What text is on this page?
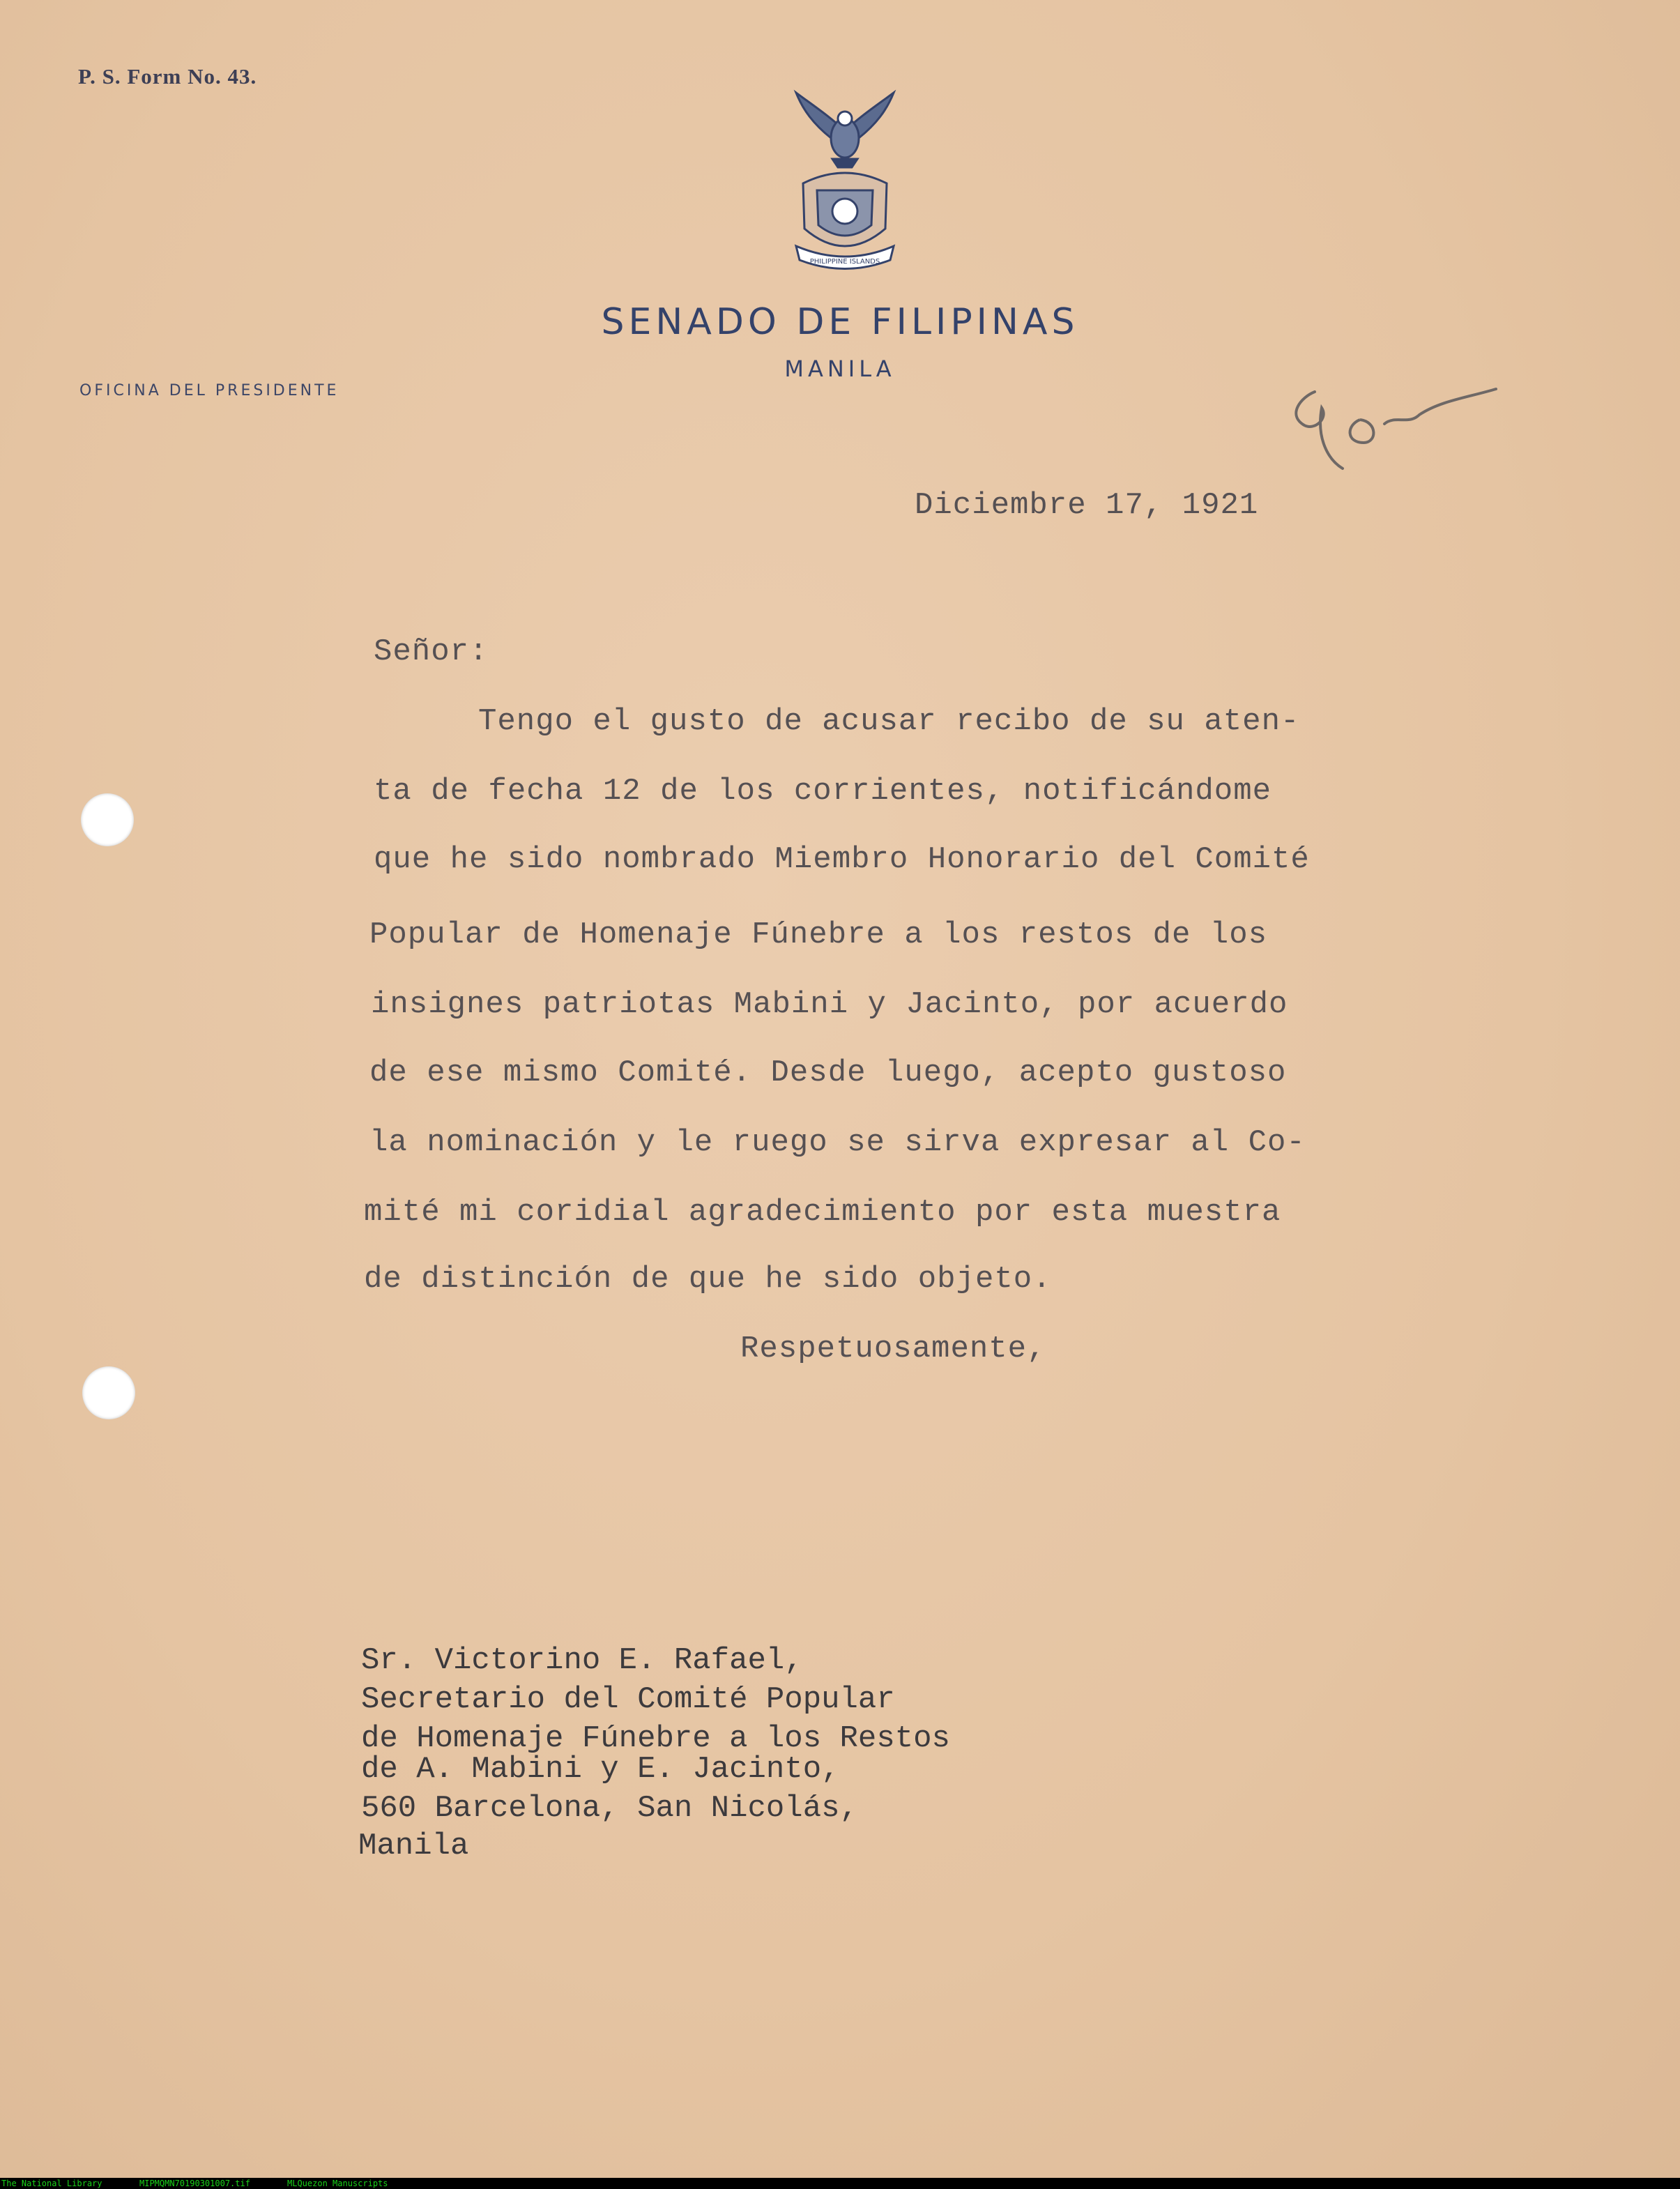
P. S. Form No. 43.
PHILIPPINE ISLANDS
SENADO DE FILIPINAS
MANILA
OFICINA DEL PRESIDENTE
Diciembre 17, 1921
Señor:
Tengo el gusto de acusar recibo de su aten-
ta de fecha 12 de los corrientes, notificándome
que he sido nombrado Miembro Honorario del Comité
Popular de Homenaje Fúnebre a los restos de los
insignes patriotas Mabini y Jacinto, por acuerdo
de ese mismo Comité. Desde luego, acepto gustoso
la nominación y le ruego se sirva expresar al Co-
mité mi coridial agradecimiento por esta muestra
de distinción de que he sido objeto.
Respetuosamente,
Sr. Victorino E. Rafael,
Secretario del Comité Popular
de Homenaje Fúnebre a los Restos
de A. Mabini y E. Jacinto,
560 Barcelona, San Nicolás,
Manila
The National Library	MIPMQMN70190301007.tif	MLQuezon Manuscripts
